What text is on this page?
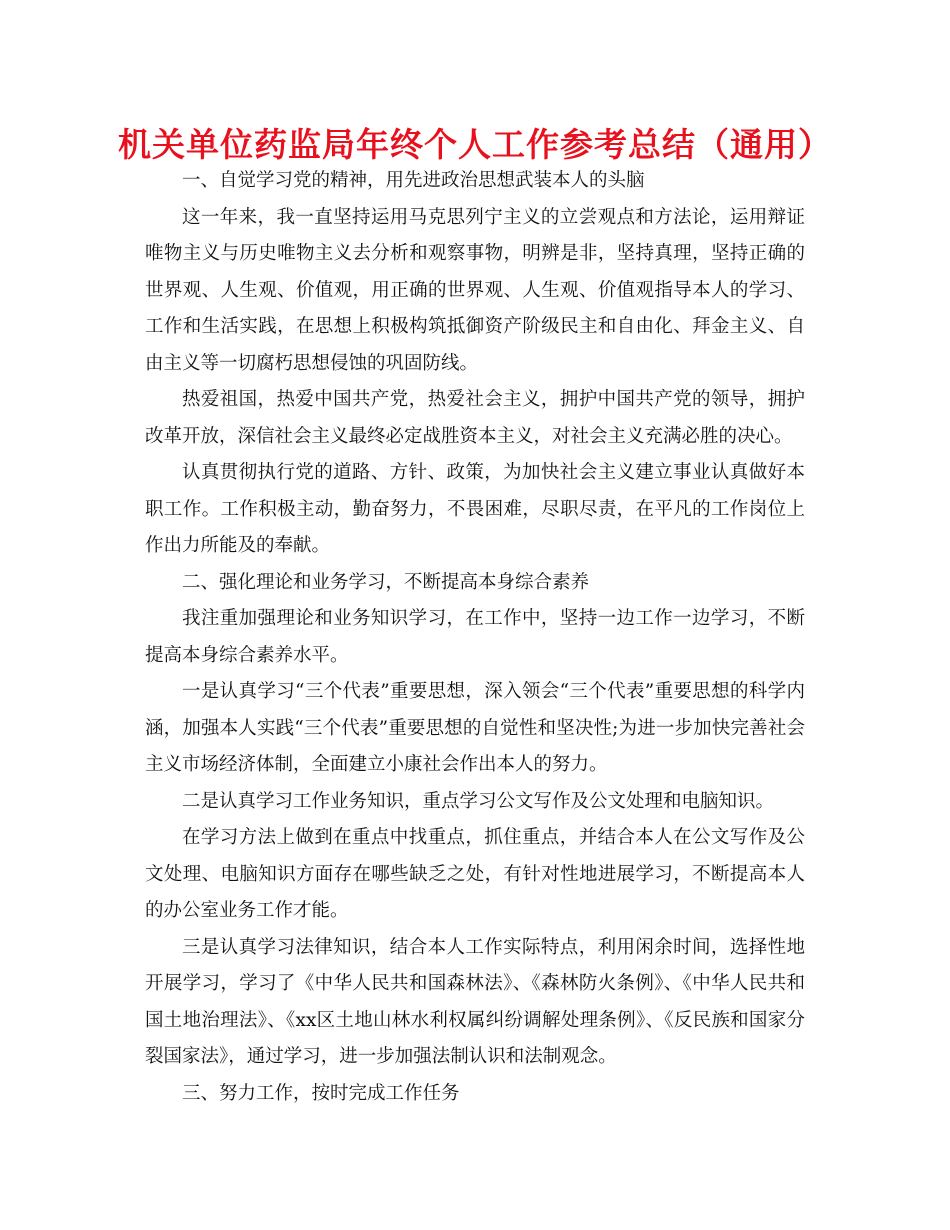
机关单位药监局年终个人工作参考总结（通用）

一、自觉学习党的精神，用先进政治思想武装本人的头脑

这一年来，我一直坚持运用马克思列宁主义的立尝观点和方法论，运用辩证唯物主义与历史唯物主义去分析和观察事物，明辨是非，坚持真理，坚持正确的世界观、人生观、价值观，用正确的世界观、人生观、价值观指导本人的学习、工作和生活实践，在思想上积极构筑抵御资产阶级民主和自由化、拜金主义、自由主义等一切腐朽思想侵蚀的巩固防线。

热爱祖国，热爱中国共产党，热爱社会主义，拥护中国共产党的领导，拥护改革开放，深信社会主义最终必定战胜资本主义，对社会主义充满必胜的决心。

认真贯彻执行党的道路、方针、政策，为加快社会主义建立事业认真做好本职工作。工作积极主动，勤奋努力，不畏困难，尽职尽责，在平凡的工作岗位上作出力所能及的奉献。

二、强化理论和业务学习，不断提高本身综合素养

我注重加强理论和业务知识学习，在工作中，坚持一边工作一边学习，不断提高本身综合素养水平。

一是认真学习“三个代表”重要思想，深入领会“三个代表”重要思想的科学内涵，加强本人实践“三个代表”重要思想的自觉性和坚决性;为进一步加快完善社会主义市场经济体制，全面建立小康社会作出本人的努力。

二是认真学习工作业务知识，重点学习公文写作及公文处理和电脑知识。

在学习方法上做到在重点中找重点，抓住重点，并结合本人在公文写作及公文处理、电脑知识方面存在哪些缺乏之处，有针对性地进展学习，不断提高本人的办公室业务工作才能。

三是认真学习法律知识，结合本人工作实际特点，利用闲余时间，选择性地开展学习，学习了《中华人民共和国森林法》、《森林防火条例》、《中华人民共和国土地治理法》、《xx区土地山林水利权属纠纷调解处理条例》、《反民族和国家分裂国家法》，通过学习，进一步加强法制认识和法制观念。

三、努力工作，按时完成工作任务
